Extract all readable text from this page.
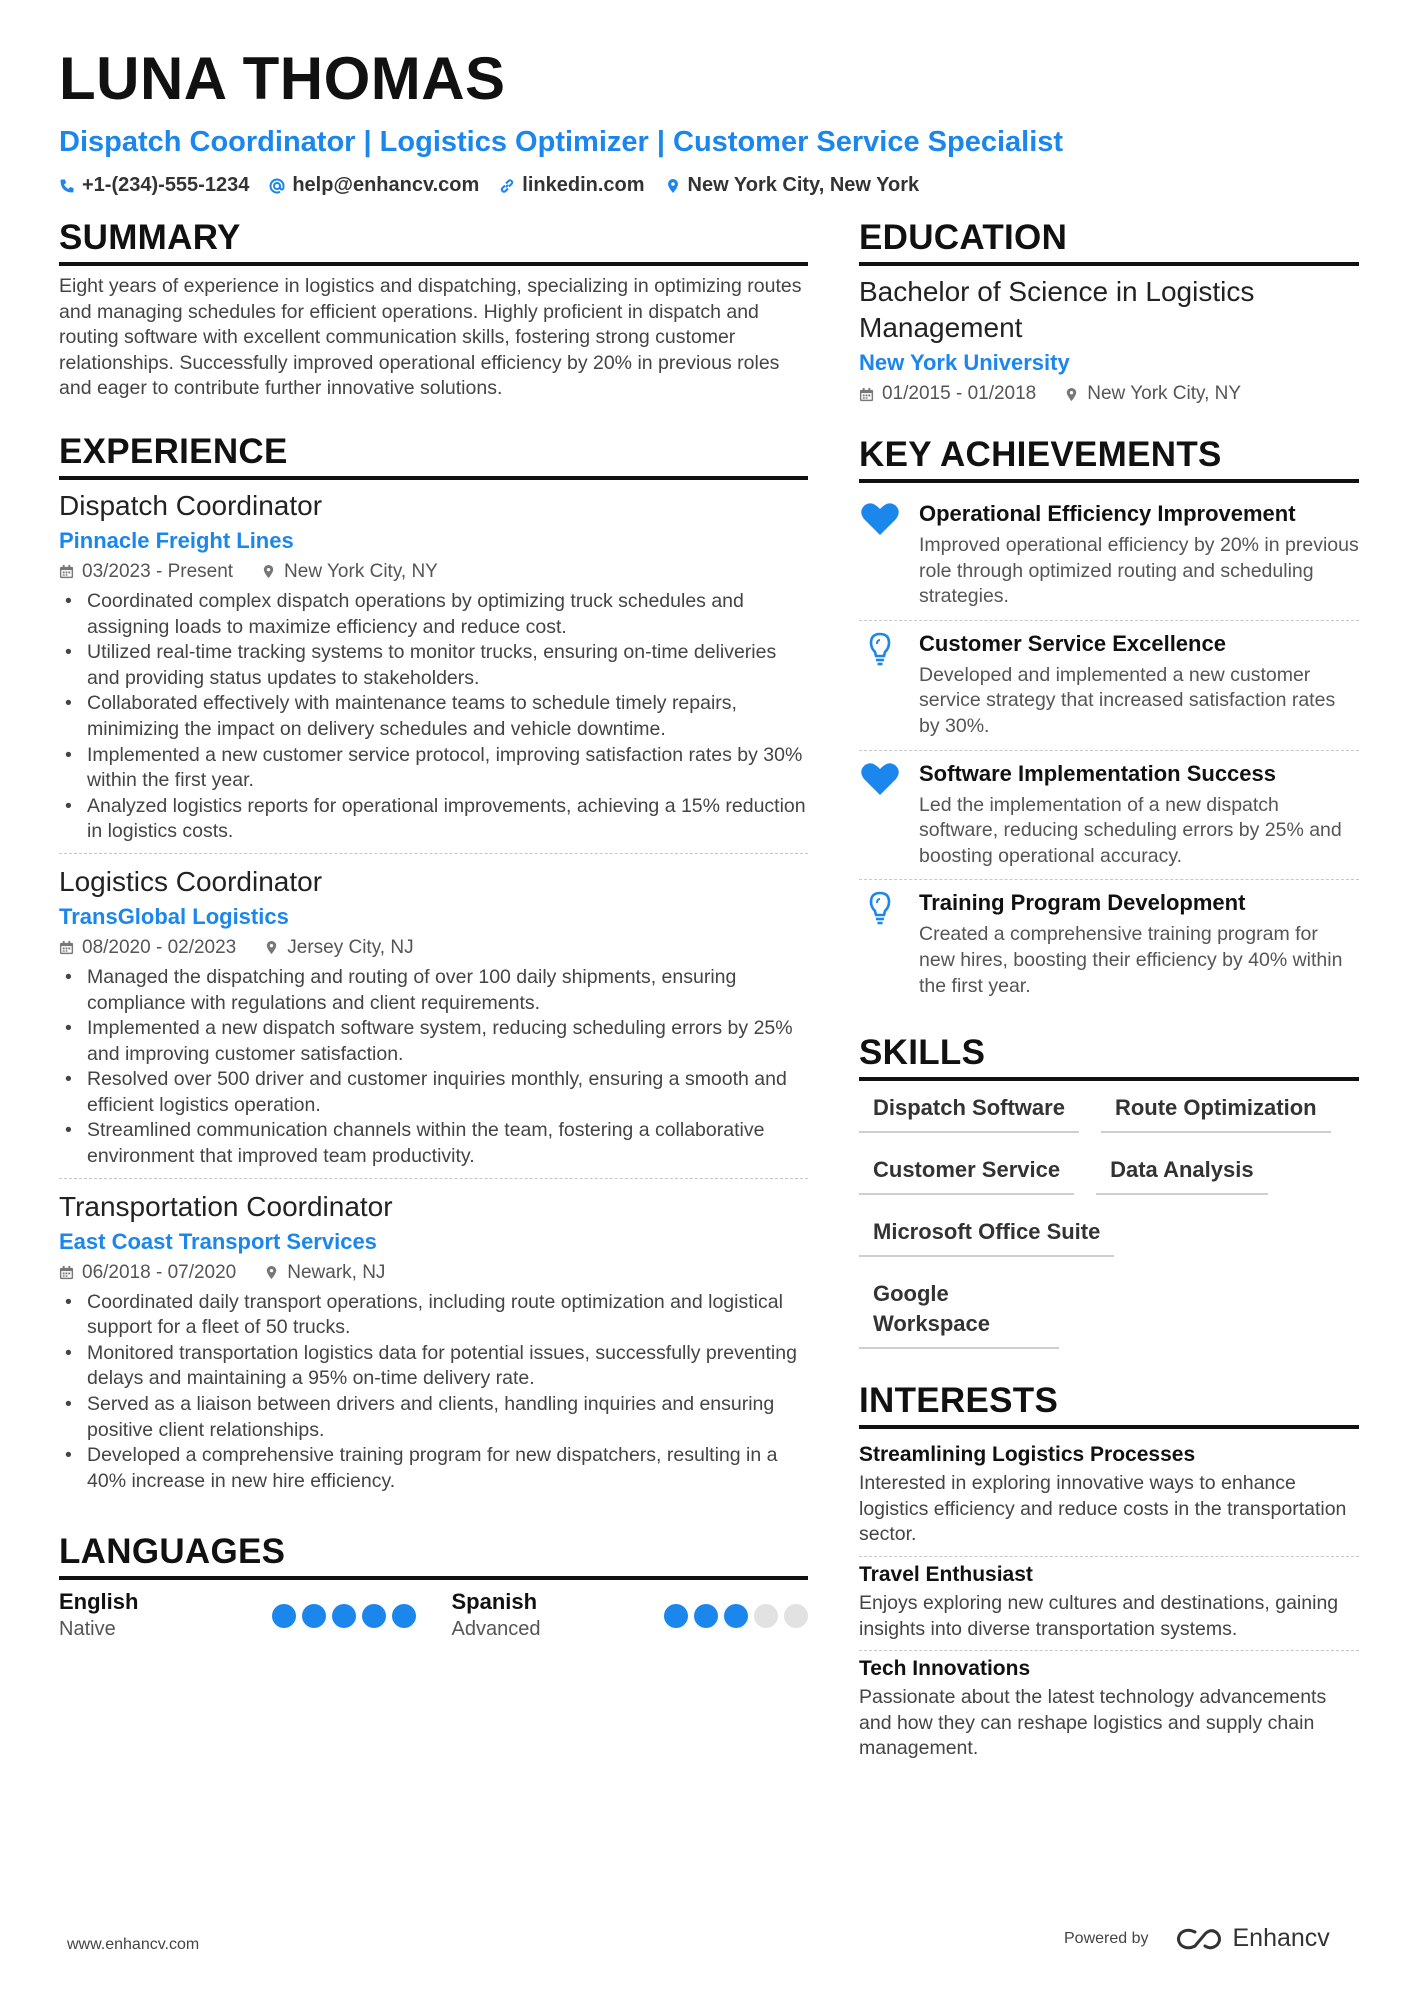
LUNA THOMAS
Dispatch Coordinator | Logistics Optimizer | Customer Service Specialist
+1-(234)-555-1234 help@enhancv.com linkedin.com New York City, New York
SUMMARY
Eight years of experience in logistics and dispatching, specializing in optimizing routes and managing schedules for efficient operations. Highly proficient in dispatch and routing software with excellent communication skills, fostering strong customer relationships. Successfully improved operational efficiency by 20% in previous roles and eager to contribute further innovative solutions.
EXPERIENCE
Dispatch Coordinator
Pinnacle Freight Lines
03/2023 - Present	New York City, NY
• Coordinated complex dispatch operations by optimizing truck schedules and assigning loads to maximize efficiency and reduce cost.
• Utilized real-time tracking systems to monitor trucks, ensuring on-time deliveries and providing status updates to stakeholders.
• Collaborated effectively with maintenance teams to schedule timely repairs, minimizing the impact on delivery schedules and vehicle downtime.
• Implemented a new customer service protocol, improving satisfaction rates by 30% within the first year.
• Analyzed logistics reports for operational improvements, achieving a 15% reduction in logistics costs.
Logistics Coordinator
TransGlobal Logistics
08/2020 - 02/2023	Jersey City, NJ
• Managed the dispatching and routing of over 100 daily shipments, ensuring compliance with regulations and client requirements.
• Implemented a new dispatch software system, reducing scheduling errors by 25% and improving customer satisfaction.
• Resolved over 500 driver and customer inquiries monthly, ensuring a smooth and efficient logistics operation.
• Streamlined communication channels within the team, fostering a collaborative environment that improved team productivity.
Transportation Coordinator
East Coast Transport Services
06/2018 - 07/2020	Newark, NJ
• Coordinated daily transport operations, including route optimization and logistical support for a fleet of 50 trucks.
• Monitored transportation logistics data for potential issues, successfully preventing delays and maintaining a 95% on-time delivery rate.
• Served as a liaison between drivers and clients, handling inquiries and ensuring positive client relationships.
• Developed a comprehensive training program for new dispatchers, resulting in a 40% increase in new hire efficiency.
LANGUAGES
English
Native
Spanish
Advanced
EDUCATION
Bachelor of Science in Logistics Management
New York University
01/2015 - 01/2018	New York City, NY
KEY ACHIEVEMENTS
Operational Efficiency Improvement
Improved operational efficiency by 20% in previous role through optimized routing and scheduling strategies.
Customer Service Excellence
Developed and implemented a new customer service strategy that increased satisfaction rates by 30%.
Software Implementation Success
Led the implementation of a new dispatch software, reducing scheduling errors by 25% and boosting operational accuracy.
Training Program Development
Created a comprehensive training program for new hires, boosting their efficiency by 40% within the first year.
SKILLS
Dispatch Software	Route Optimization
Customer Service	Data Analysis
Microsoft Office Suite
Google Workspace
INTERESTS
Streamlining Logistics Processes
Interested in exploring innovative ways to enhance logistics efficiency and reduce costs in the transportation sector.
Travel Enthusiast
Enjoys exploring new cultures and destinations, gaining insights into diverse transportation systems.
Tech Innovations
Passionate about the latest technology advancements and how they can reshape logistics and supply chain management.
www.enhancv.com	Powered by	Enhancv
